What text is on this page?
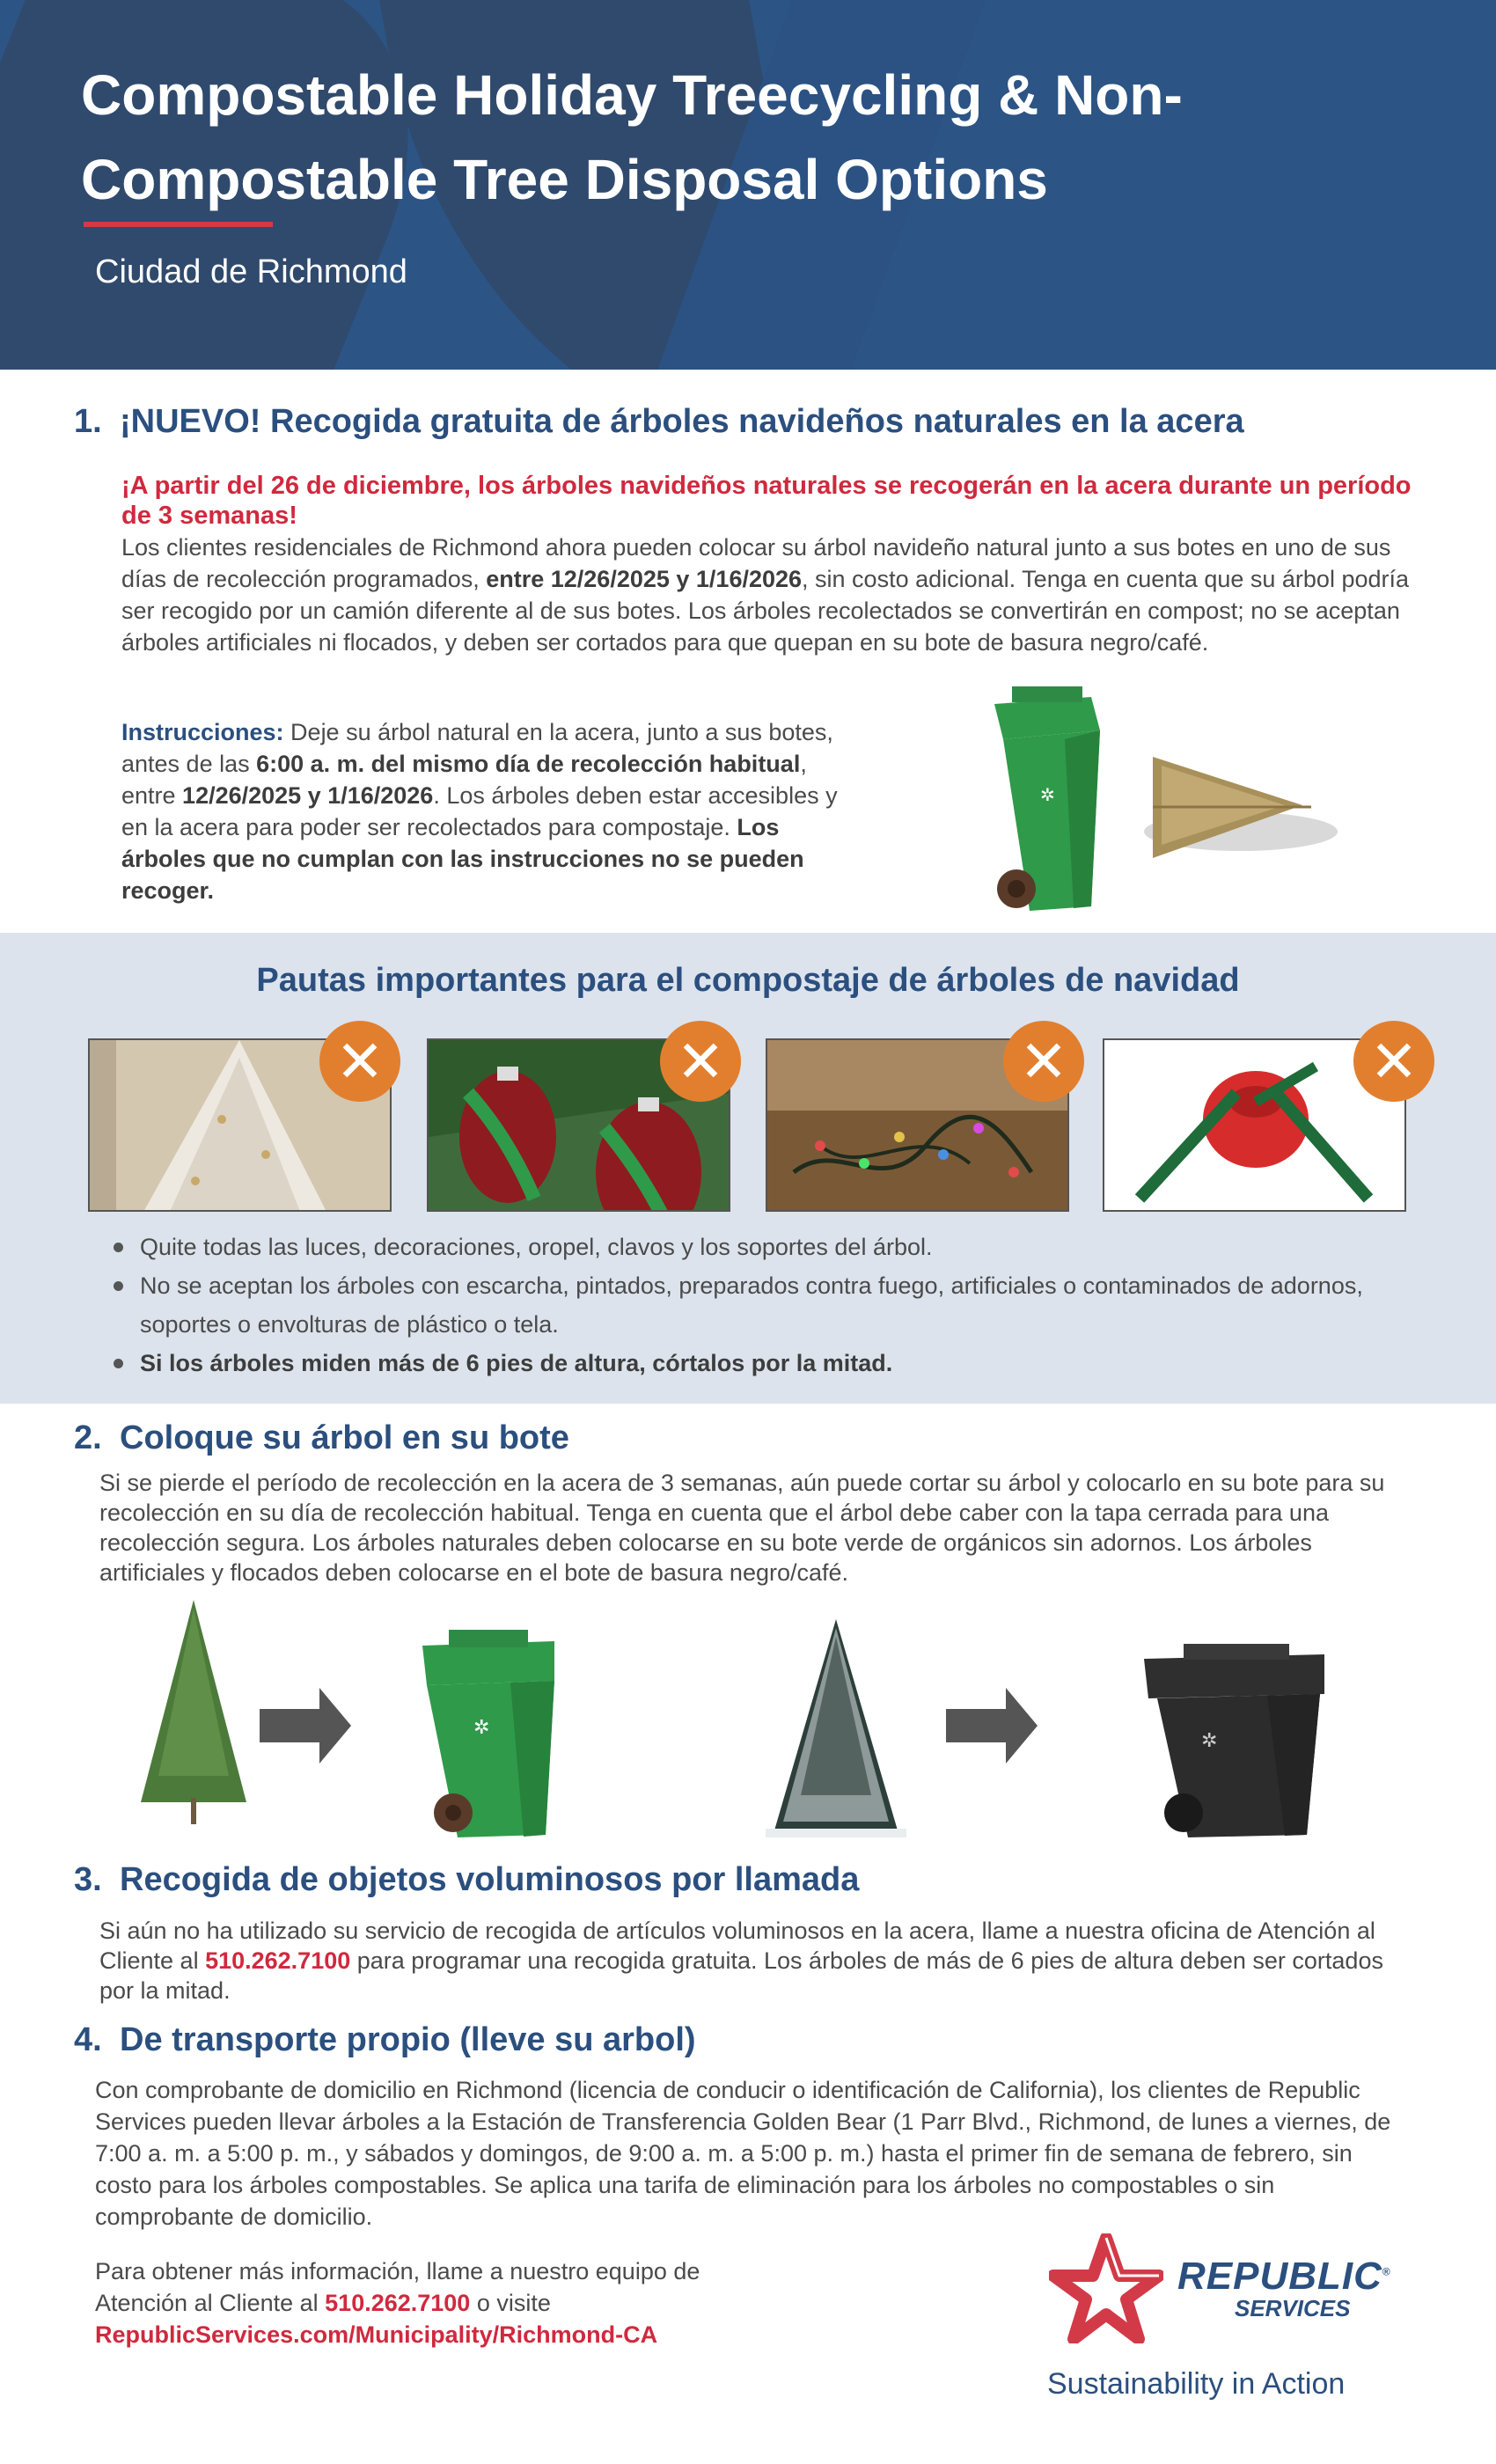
Compostable Holiday Treecycling & Non-
Compostable Tree Disposal Options
Ciudad de Richmond
1. ¡NUEVO! Recogida gratuita de árboles navideños naturales en la acera
¡A partir del 26 de diciembre, los árboles navideños naturales se recogerán en la acera durante un período de 3 semanas!

Los clientes residenciales de Richmond ahora pueden colocar su árbol navideño natural junto a sus botes en uno de sus días de recolección programados, entre 12/26/2025 y 1/16/2026, sin costo adicional. Tenga en cuenta que su árbol podría ser recogido por un camión diferente al de sus botes. Los árboles recolectados se convertirán en compost; no se aceptan árboles artificiales ni flocados, y deben ser cortados para que quepan en su bote de basura negro/café.

Instrucciones: Deje su árbol natural en la acera, junto a sus botes, antes de las 6:00 a. m. del mismo día de recolección habitual, entre 12/26/2025 y 1/16/2026. Los árboles deben estar accesibles y en la acera para poder ser recolectados para compostaje. Los árboles que no cumplan con las instrucciones no se pueden recoger.

✲
Pautas importantes para el compostaje de árboles de navidad
✕	✕	✕	✕
Quite todas las luces, decoraciones, oropel, clavos y los soportes del árbol.
No se aceptan los árboles con escarcha, pintados, preparados contra fuego, artificiales o contaminados de adornos, soportes o envolturas de plástico o tela.
Si los árboles miden más de 6 pies de altura, córtalos por la mitad.
2. Coloque su árbol en su bote

Si se pierde el período de recolección en la acera de 3 semanas, aún puede cortar su árbol y colocarlo en su bote para su recolección en su día de recolección habitual. Tenga en cuenta que el árbol debe caber con la tapa cerrada para una recolección segura. Los árboles naturales deben colocarse en su bote verde de orgánicos sin adornos. Los árboles artificiales y flocados deben colocarse en el bote de basura negro/café.

✲
✲
3. Recogida de objetos voluminosos por llamada

Si aún no ha utilizado su servicio de recogida de artículos voluminosos en la acera, llame a nuestra oficina de Atención al Cliente al 510.262.7100 para programar una recogida gratuita. Los árboles de más de 6 pies de altura deben ser cortados por la mitad.

4. De transporte propio (lleve su arbol)

Con comprobante de domicilio en Richmond (licencia de conducir o identificación de California), los clientes de Republic Services pueden llevar árboles a la Estación de Transferencia Golden Bear (1 Parr Blvd., Richmond, de lunes a viernes, de 7:00 a. m. a 5:00 p. m., y sábados y domingos, de 9:00 a. m. a 5:00 p. m.) hasta el primer fin de semana de febrero, sin costo para los árboles compostables. Se aplica una tarifa de eliminación para los árboles no compostables o sin comprobante de domicilio.

Para obtener más información, llame a nuestro equipo de Atención al Cliente al 510.262.7100 o visite
RepublicServices.com/Municipality/Richmond-CA

REPUBLIC®
SERVICES
Sustainability in Action
